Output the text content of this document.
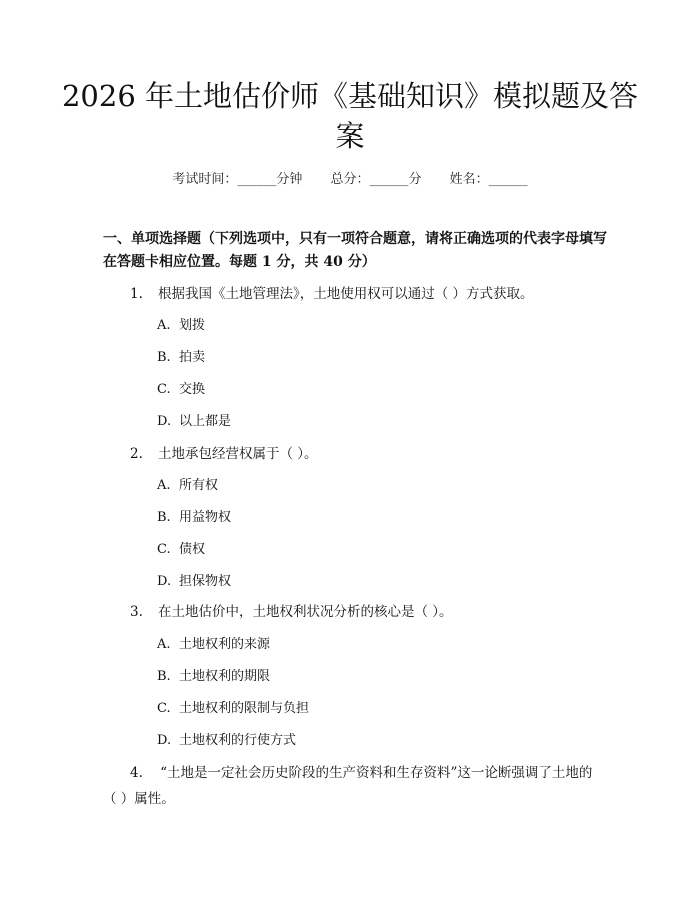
2026 年土地估价师《基础知识》模拟题及答
案
考试时间：______分钟 总分：______分 姓名：______
一、单项选择题（下列选项中，只有一项符合题意，请将正确选项的代表字母填写在答题卡相应位置。每题 1 分，共 40 分）
1. 根据我国《土地管理法》，土地使用权可以通过（ ）方式获取。
A. 划拨
B. 拍卖
C. 交换
D. 以上都是
2. 土地承包经营权属于（ ）。
A. 所有权
B. 用益物权
C. 债权
D. 担保物权
3. 在土地估价中，土地权利状况分析的核心是（ ）。
A. 土地权利的来源
B. 土地权利的期限
C. 土地权利的限制与负担
D. 土地权利的行使方式
4. “土地是一定社会历史阶段的生产资料和生存资料”这一论断强调了土地的（ ）属性。
